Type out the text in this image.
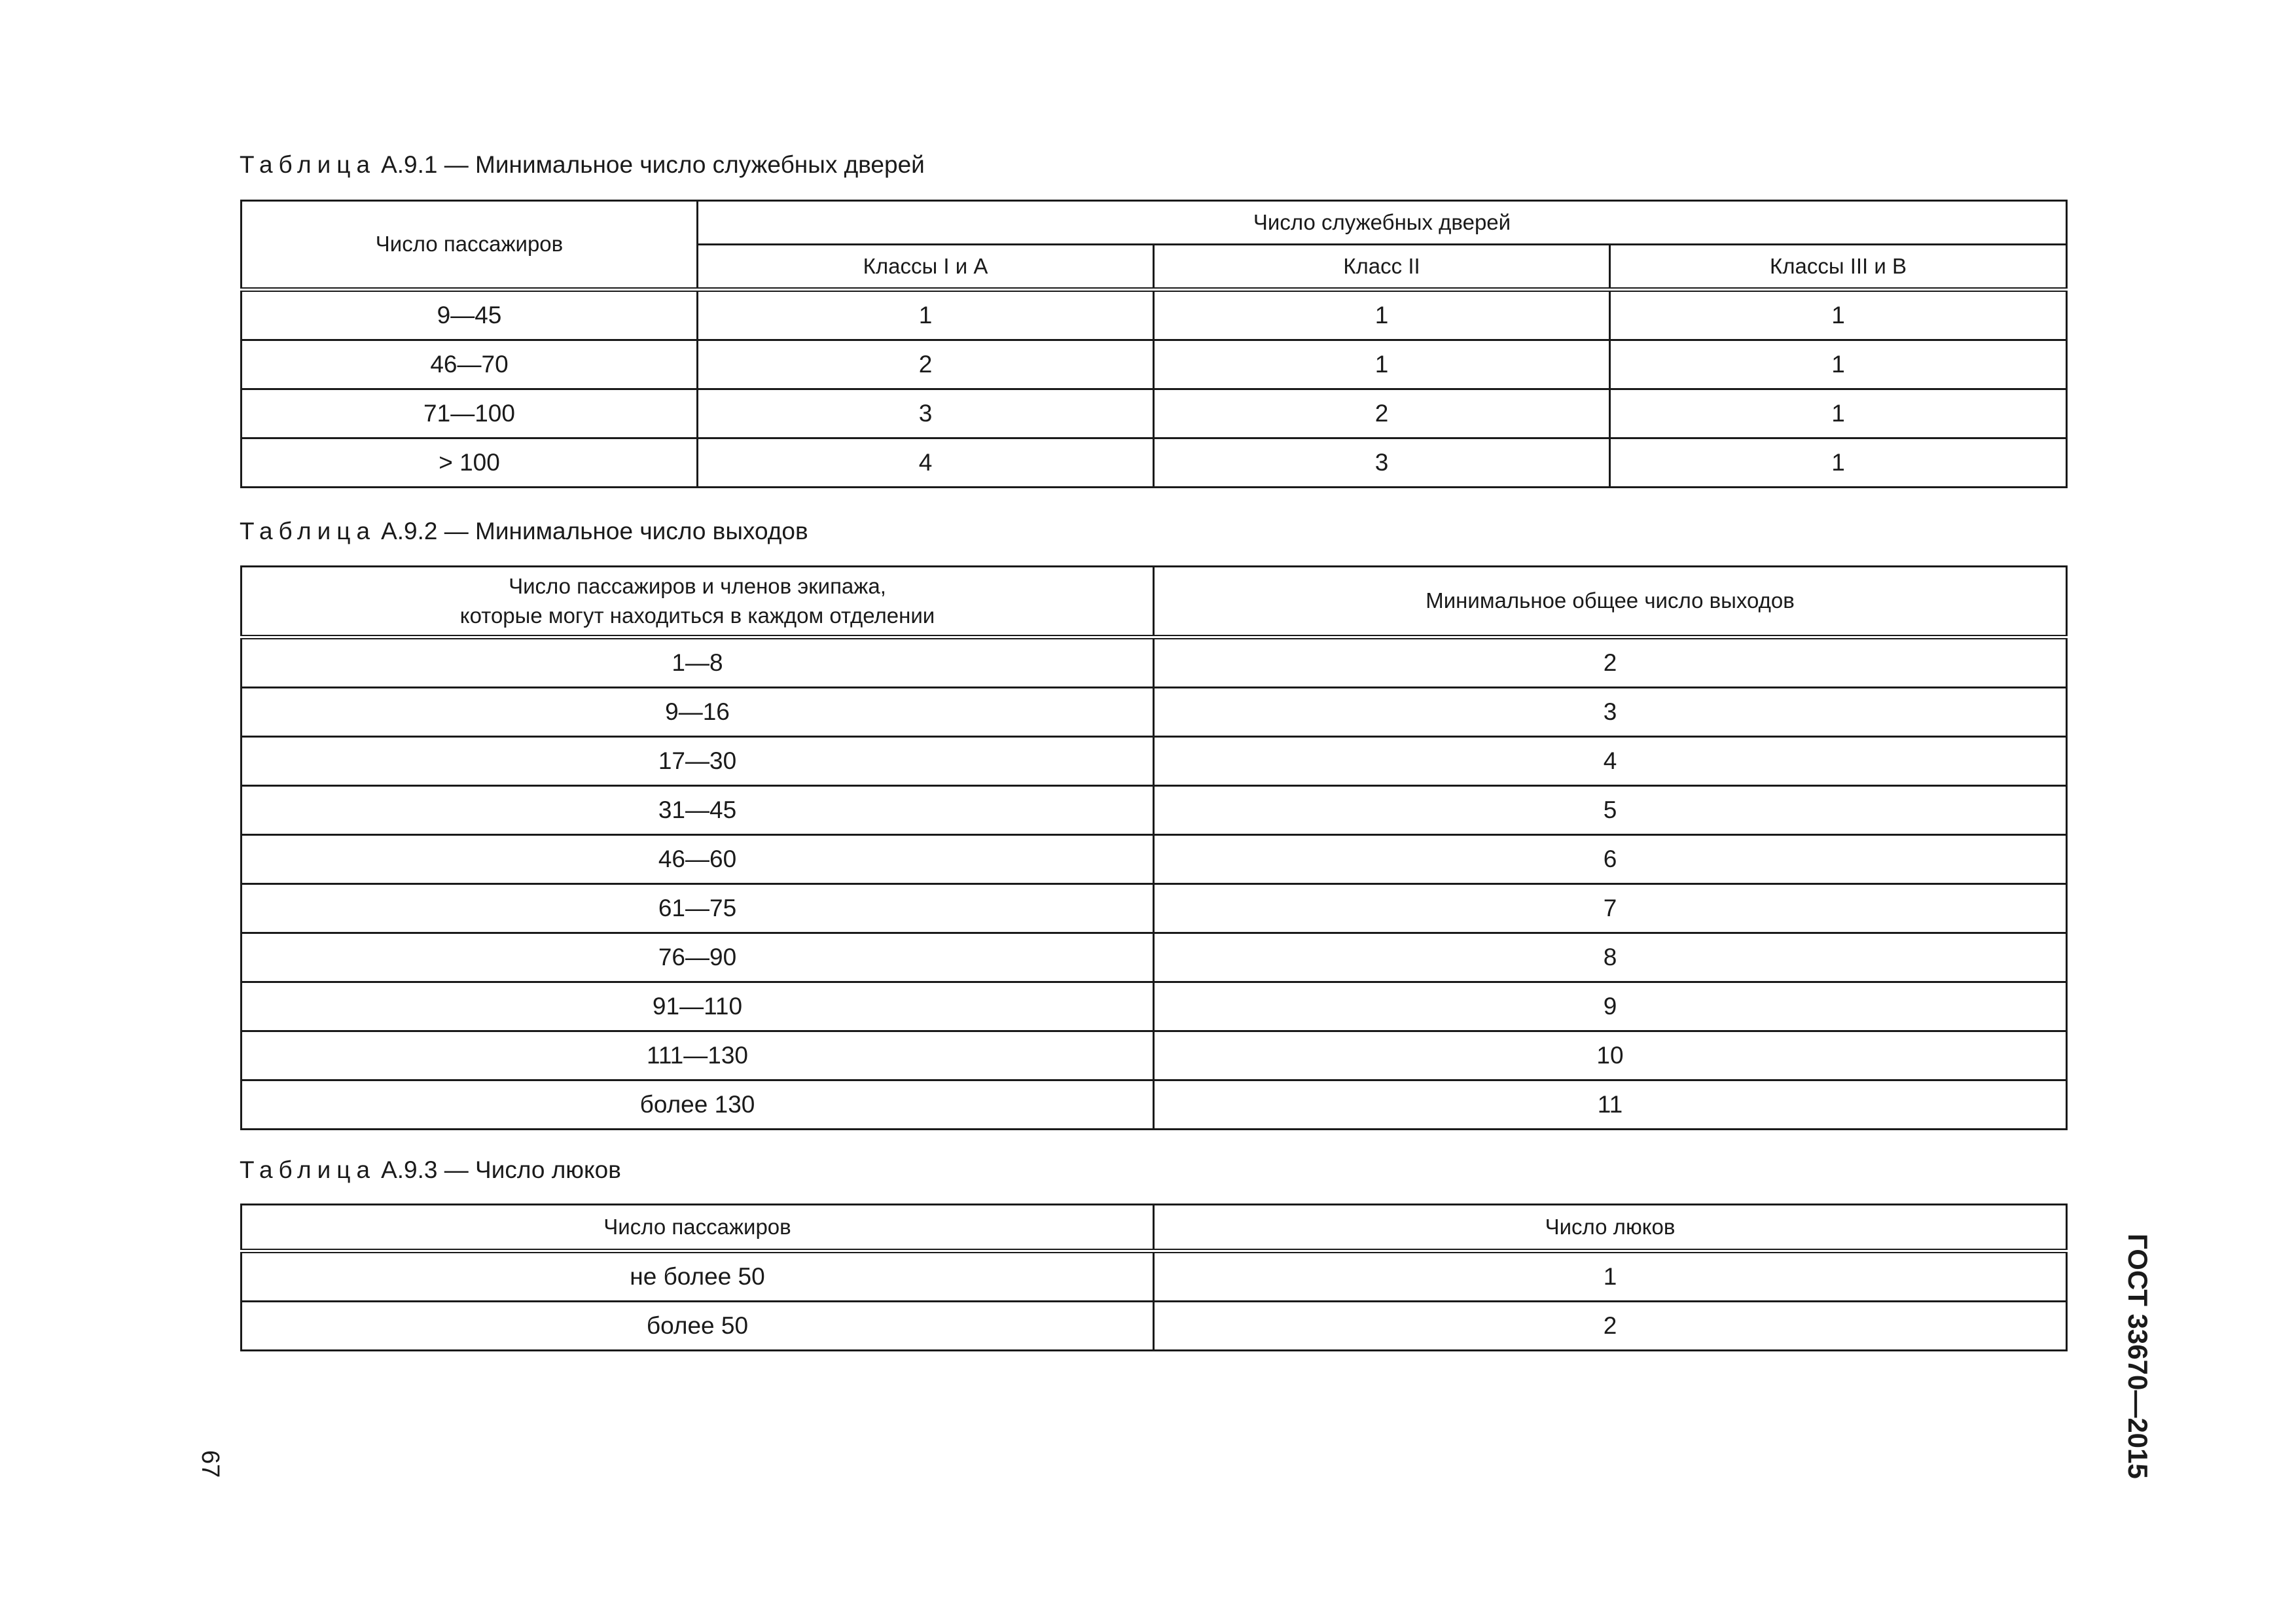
Таблица А.9.1 — Минимальное число служебных дверей
Число пассажиров	Число служебных дверей		
	Классы I и А	Класс II	Классы III и В
9—45	1	1	1
46—70	2	1	1
71—100	3	2	1
> 100	4	3	1
Таблица А.9.2 — Минимальное число выходов
Число пассажиров и членов экипажа,
которые могут находиться в каждом отделении	Минимальное общее число выходов
1—8	2
9—16	3
17—30	4
31—45	5
46—60	6
61—75	7
76—90	8
91—110	9
111—130	10
более 130	11
Таблица А.9.3 — Число люков
Число пассажиров	Число люков
не более 50	1
более 50	2	ГОСТ 33670—2015
67
